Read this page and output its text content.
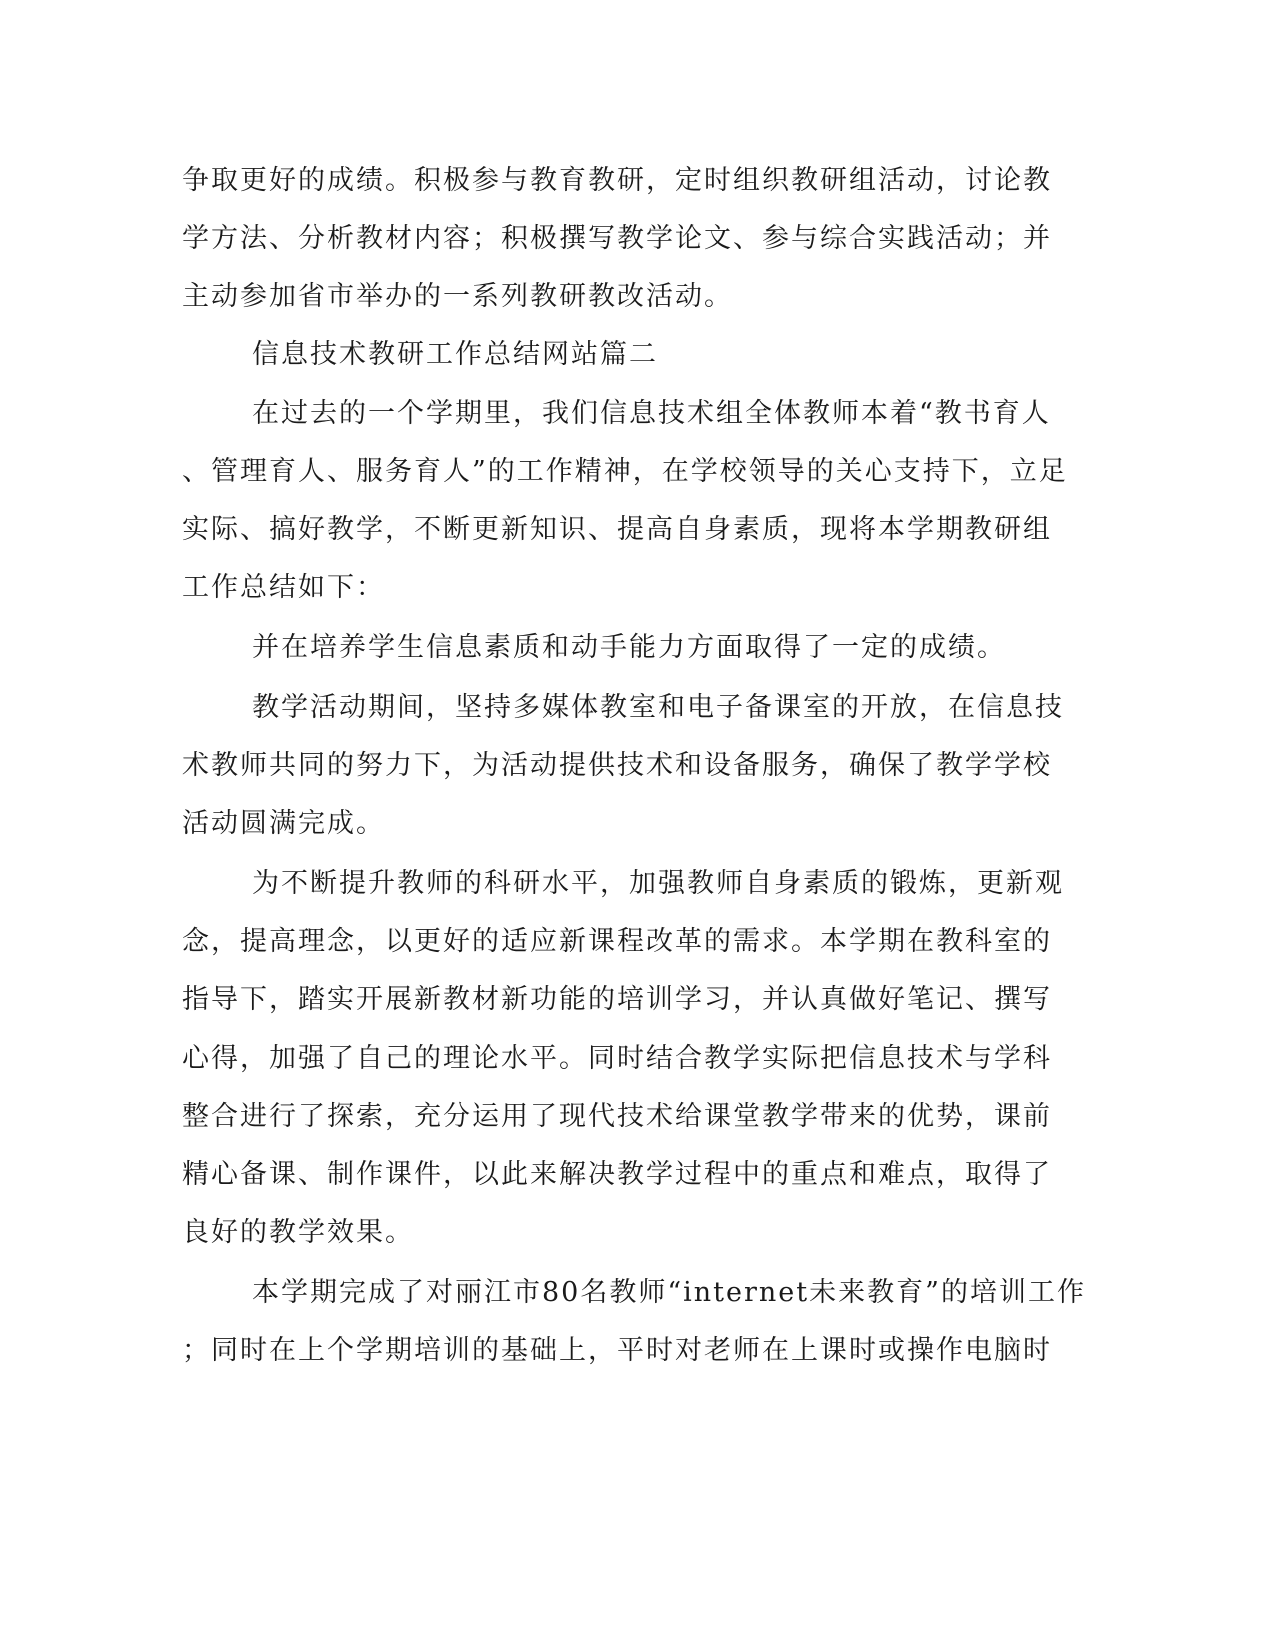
争取更好的成绩。积极参与教育教研，定时组织教研组活动，讨论教
学方法、分析教材内容；积极撰写教学论文、参与综合实践活动；并
主动参加省市举办的一系列教研教改活动。
信息技术教研工作总结网站篇二
在过去的一个学期里，我们信息技术组全体教师本着“教书育人
、管理育人、服务育人”的工作精神，在学校领导的关心支持下，立足
实际、搞好教学，不断更新知识、提高自身素质，现将本学期教研组
工作总结如下：
并在培养学生信息素质和动手能力方面取得了一定的成绩。
教学活动期间，坚持多媒体教室和电子备课室的开放，在信息技
术教师共同的努力下，为活动提供技术和设备服务，确保了教学学校
活动圆满完成。
为不断提升教师的科研水平，加强教师自身素质的锻炼，更新观
念，提高理念，以更好的适应新课程改革的需求。本学期在教科室的
指导下，踏实开展新教材新功能的培训学习，并认真做好笔记、撰写
心得，加强了自己的理论水平。同时结合教学实际把信息技术与学科
整合进行了探索，充分运用了现代技术给课堂教学带来的优势，课前
精心备课、制作课件，以此来解决教学过程中的重点和难点，取得了
良好的教学效果。
本学期完成了对丽江市80名教师“internet未来教育”的培训工作
；同时在上个学期培训的基础上，平时对老师在上课时或操作电脑时
